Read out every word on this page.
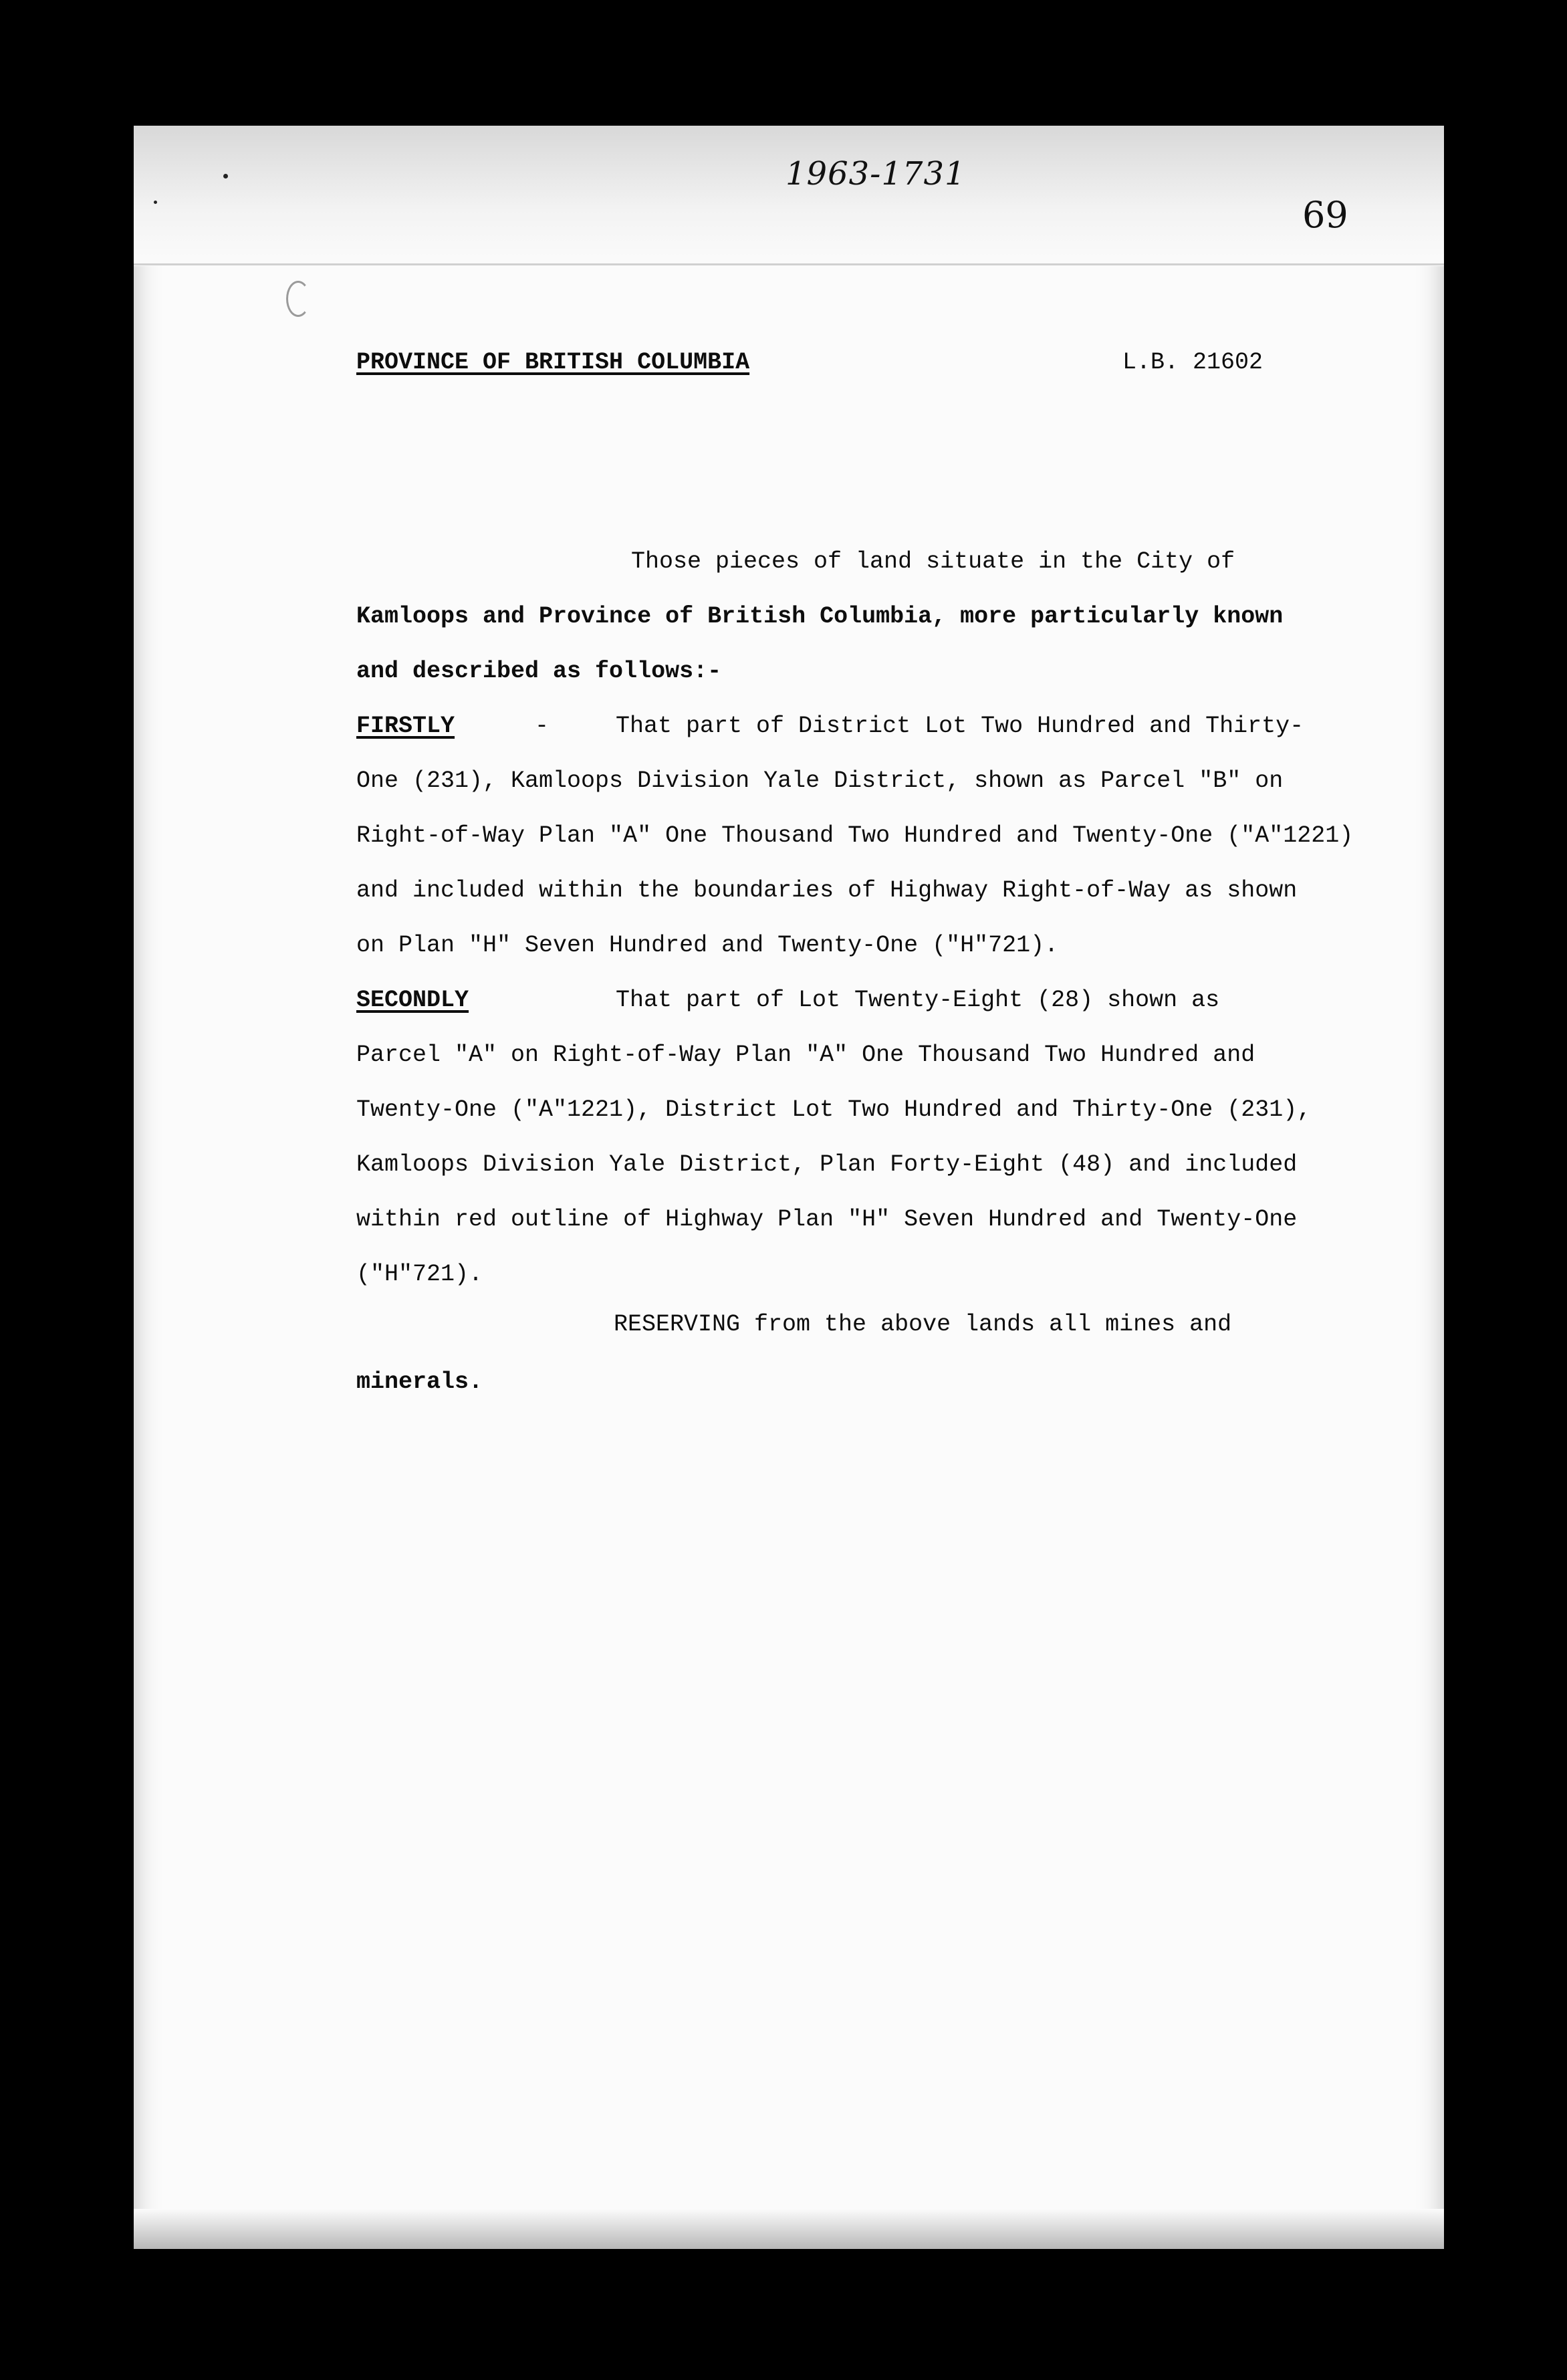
1963-1731
69
PROVINCE OF BRITISH COLUMBIA	L.B. 21602
Those pieces of land situate in the City of
Kamloops and Province of British Columbia, more particularly known
and described as follows:-
FIRSTLY	-	That part of District Lot Two Hundred and Thirty-
One (231), Kamloops Division Yale District, shown as Parcel "B" on
Right-of-Way Plan "A" One Thousand Two Hundred and Twenty-One ("A"1221)
and included within the boundaries of Highway Right-of-Way as shown
on Plan "H" Seven Hundred and Twenty-One ("H"721).
SECONDLY	That part of Lot Twenty-Eight (28) shown as
Parcel "A" on Right-of-Way Plan "A" One Thousand Two Hundred and
Twenty-One ("A"1221), District Lot Two Hundred and Thirty-One (231),
Kamloops Division Yale District, Plan Forty-Eight (48) and included
within red outline of Highway Plan "H" Seven Hundred and Twenty-One
("H"721).
RESERVING from the above lands all mines and
minerals.
